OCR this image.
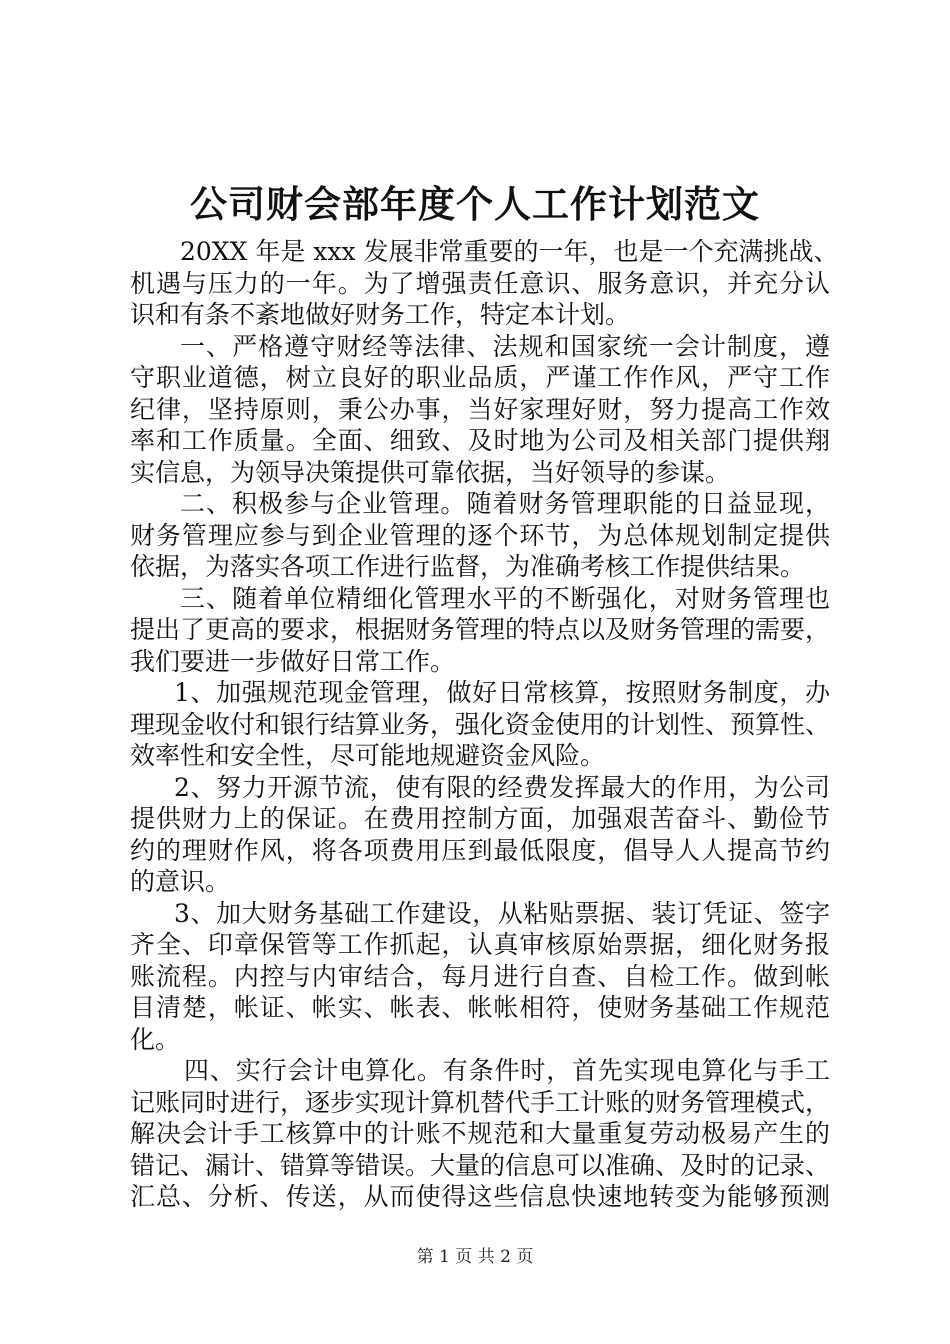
公司财会部年度个人工作计划范文
20XX 年是 xxx 发展非常重要的一年，也是一个充满挑战、
机遇与压力的一年。为了增强责任意识、服务意识，并充分认
识和有条不紊地做好财务工作，特定本计划。
一、严格遵守财经等法律、法规和国家统一会计制度，遵
守职业道德，树立良好的职业品质，严谨工作作风，严守工作
纪律，坚持原则，秉公办事，当好家理好财，努力提高工作效
率和工作质量。全面、细致、及时地为公司及相关部门提供翔
实信息，为领导决策提供可靠依据，当好领导的参谋。
二、积极参与企业管理。随着财务管理职能的日益显现，
财务管理应参与到企业管理的逐个环节，为总体规划制定提供
依据，为落实各项工作进行监督，为准确考核工作提供结果。
三、随着单位精细化管理水平的不断强化，对财务管理也
提出了更高的要求，根据财务管理的特点以及财务管理的需要，
我们要进一步做好日常工作。
1、加强规范现金管理，做好日常核算，按照财务制度，办
理现金收付和银行结算业务，强化资金使用的计划性、预算性、
效率性和安全性，尽可能地规避资金风险。
2、努力开源节流，使有限的经费发挥最大的作用，为公司
提供财力上的保证。在费用控制方面，加强艰苦奋斗、勤俭节
约的理财作风，将各项费用压到最低限度，倡导人人提高节约
的意识。
3、加大财务基础工作建设，从粘贴票据、装订凭证、签字
齐全、印章保管等工作抓起，认真审核原始票据，细化财务报
账流程。内控与内审结合，每月进行自查、自检工作。做到帐
目清楚，帐证、帐实、帐表、帐帐相符，使财务基础工作规范
化。
四、实行会计电算化。有条件时，首先实现电算化与手工
记账同时进行，逐步实现计算机替代手工计账的财务管理模式，
解决会计手工核算中的计账不规范和大量重复劳动极易产生的
错记、漏计、错算等错误。大量的信息可以准确、及时的记录、
汇总、分析、传送，从而使得这些信息快速地转变为能够预测
第 1 页 共 2 页
